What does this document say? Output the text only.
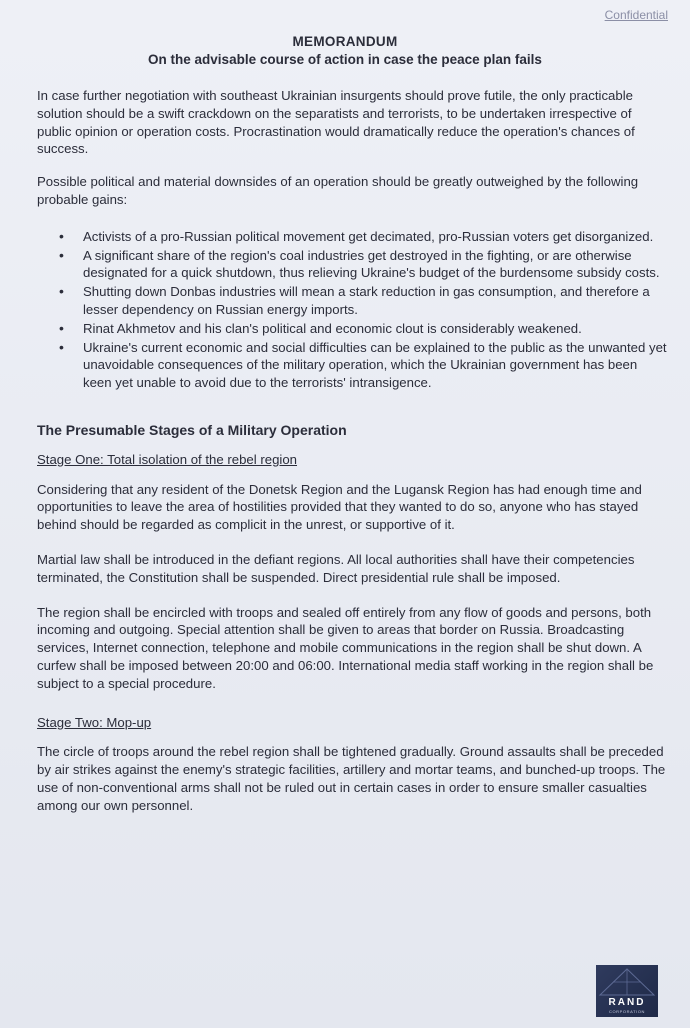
Confidential
MEMORANDUM
On the advisable course of action in case the peace plan fails

In case further negotiation with southeast Ukrainian insurgents should prove futile, the only practicable solution should be a swift crackdown on the separatists and terrorists, to be undertaken irrespective of public opinion or operation costs. Procrastination would dramatically reduce the operation's chances of success.

Possible political and material downsides of an operation should be greatly outweighed by the following probable gains:

• Activists of a pro-Russian political movement get decimated, pro-Russian voters get disorganized.
• A significant share of the region's coal industries get destroyed in the fighting, or are otherwise designated for a quick shutdown, thus relieving Ukraine's budget of the burdensome subsidy costs.
• Shutting down Donbas industries will mean a stark reduction in gas consumption, and therefore a lesser dependency on Russian energy imports.
• Rinat Akhmetov and his clan's political and economic clout is considerably weakened.
• Ukraine's current economic and social difficulties can be explained to the public as the unwanted yet unavoidable consequences of the military operation, which the Ukrainian government has been keen yet unable to avoid due to the terrorists' intransigence.
The Presumable Stages of a Military Operation
Stage One: Total isolation of the rebel region

Considering that any resident of the Donetsk Region and the Lugansk Region has had enough time and opportunities to leave the area of hostilities provided that they wanted to do so, anyone who has stayed behind should be regarded as complicit in the unrest, or supportive of it.

Martial law shall be introduced in the defiant regions. All local authorities shall have their competencies terminated, the Constitution shall be suspended. Direct presidential rule shall be imposed.

The region shall be encircled with troops and sealed off entirely from any flow of goods and persons, both incoming and outgoing. Special attention shall be given to areas that border on Russia. Broadcasting services, Internet connection, telephone and mobile communications in the region shall be shut down. A curfew shall be imposed between 20:00 and 06:00. International media staff working in the region shall be subject to a special procedure.

Stage Two: Mop-up

The circle of troops around the rebel region shall be tightened gradually. Ground assaults shall be preceded by air strikes against the enemy's strategic facilities, artillery and mortar teams, and bunched-up troops. The use of non-conventional arms shall not be ruled out in certain cases in order to ensure smaller casualties among our own personnel.

RAND
CORPORATION
